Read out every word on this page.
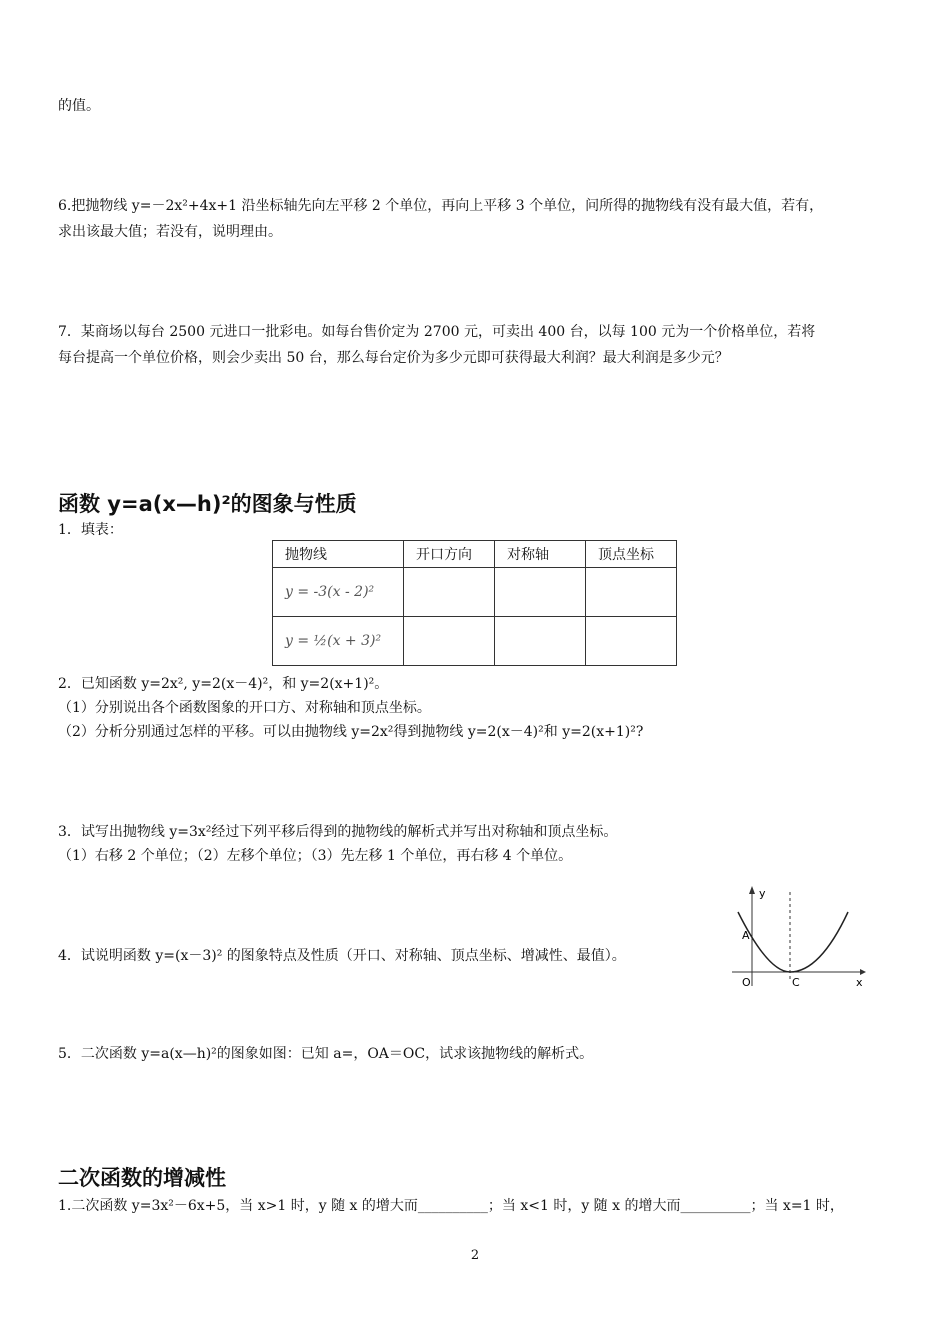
的值。
6.把抛物线 y=－2x²+4x+1 沿坐标轴先向左平移 2 个单位，再向上平移 3 个单位，问所得的抛物线有没有最大值，若有，
求出该最大值；若没有，说明理由。
7．某商场以每台 2500 元进口一批彩电。如每台售价定为 2700 元，可卖出 400 台，以每 100 元为一个价格单位，若将
每台提高一个单位价格，则会少卖出 50 台，那么每台定价为多少元即可获得最大利润？最大利润是多少元？
函数 y=a(x—h)²的图象与性质
1．填表：
抛物线	开口方向	对称轴	顶点坐标
y = -3(x - 2)²			
y = ½(x + 3)²			
2．已知函数 y=2x², y=2(x－4)²，和 y=2(x+1)²。
（1）分别说出各个函数图象的开口方、对称轴和顶点坐标。
（2）分析分别通过怎样的平移。可以由抛物线 y=2x²得到抛物线 y=2(x－4)²和 y=2(x+1)²?
3．试写出抛物线 y=3x²经过下列平移后得到的抛物线的解析式并写出对称轴和顶点坐标。
（1）右移 2 个单位；（2）左移个单位；（3）先左移 1 个单位，再右移 4 个单位。
4．试说明函数 y=(x－3)² 的图象特点及性质（开口、对称轴、顶点坐标、增减性、最值）。
y
A
O	C	x
5．二次函数 y=a(x—h)²的图象如图：已知 a=，OA＝OC，试求该抛物线的解析式。
二次函数的增减性
1.二次函数 y=3x²－6x+5，当 x>1 时，y 随 x 的增大而__________；当 x<1 时，y 随 x 的增大而__________；当 x=1 时，
2
